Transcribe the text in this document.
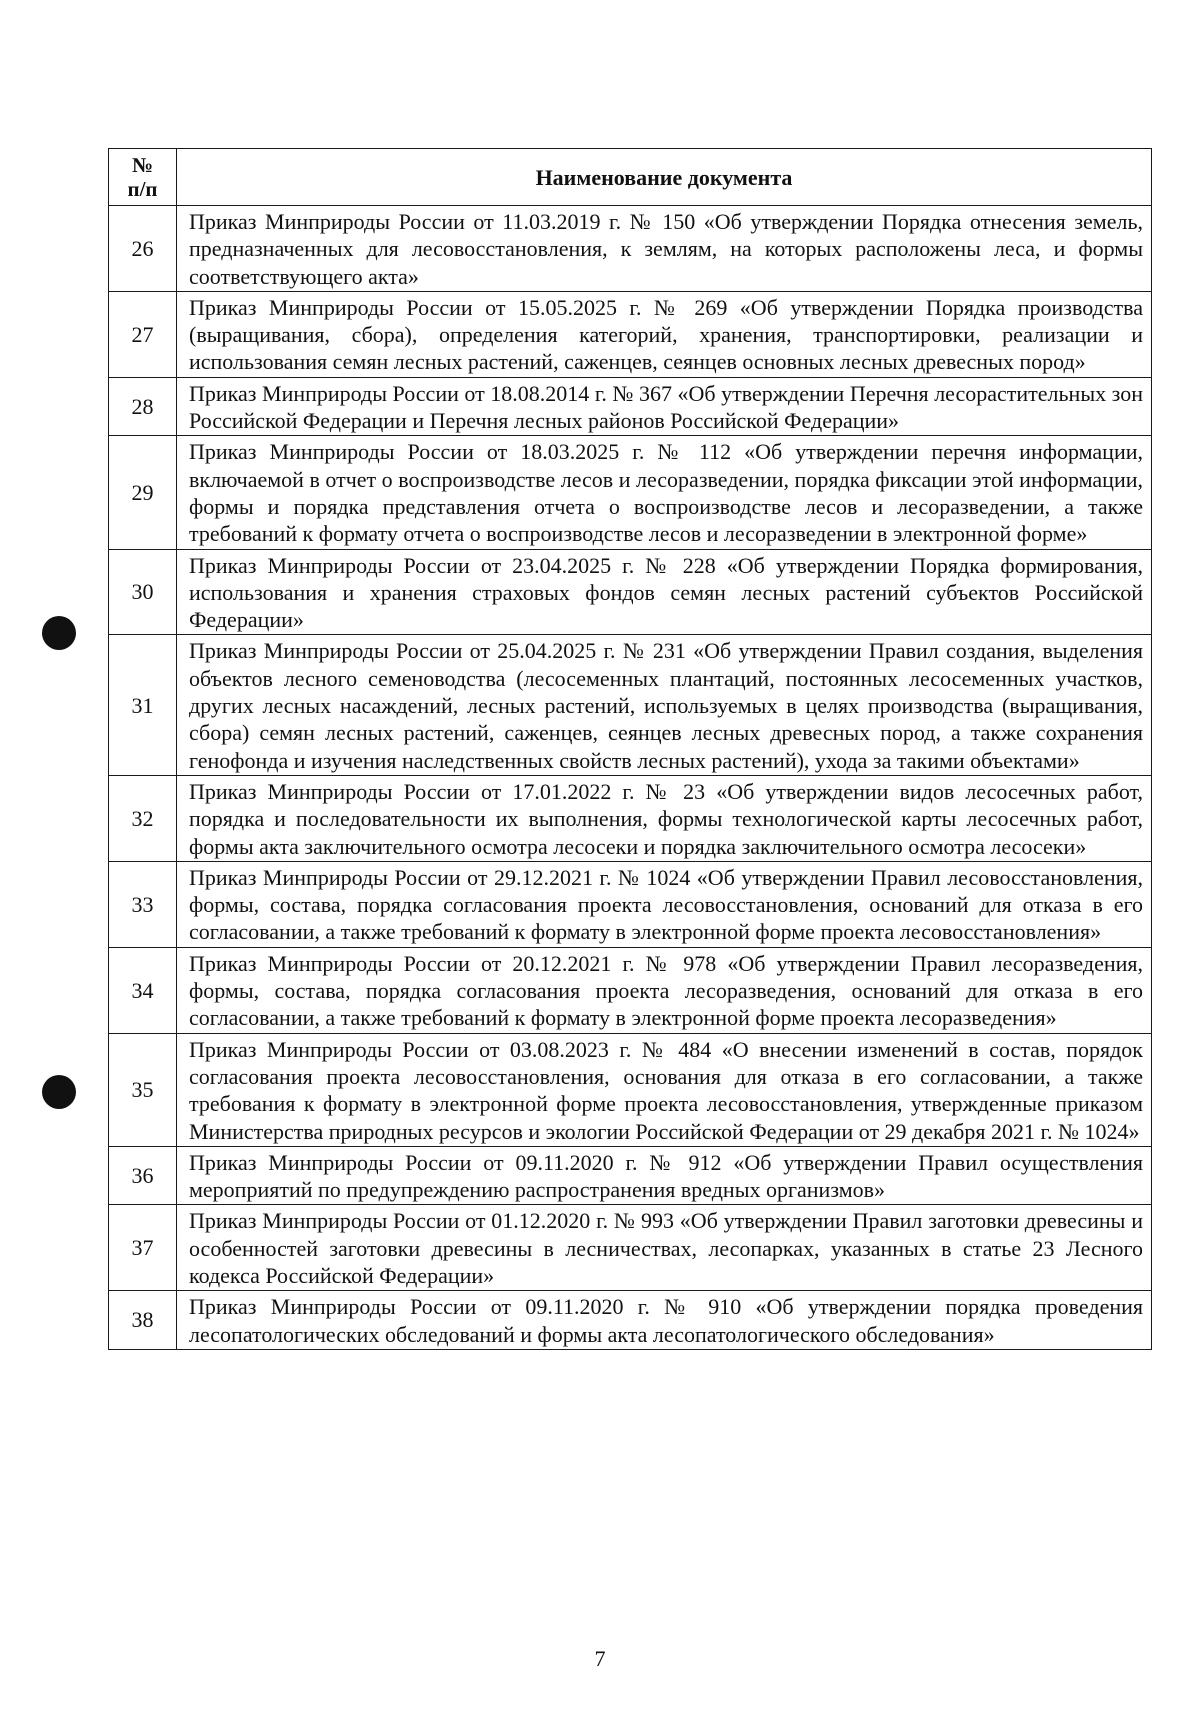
№
п/п	Наименование документа
26	Приказ Минприроды России от 11.03.2019 г. № 150 «Об утверждении Порядка отнесения земель, предназначенных для лесовосстановления, к землям, на которых расположены леса, и формы соответствующего акта»
27	Приказ Минприроды России от 15.05.2025 г. № 269 «Об утверждении Порядка производства (выращивания, сбора), определения категорий, хранения, транспортировки, реализации и использования семян лесных растений, саженцев, сеянцев основных лесных древесных пород»
28	Приказ Минприроды России от 18.08.2014 г. № 367 «Об утверждении Перечня лесорастительных зон Российской Федерации и Перечня лесных районов Российской Федерации»
29	Приказ Минприроды России от 18.03.2025 г. № 112 «Об утверждении перечня информации, включаемой в отчет о воспроизводстве лесов и лесоразведении, порядка фиксации этой информации, формы и порядка представления отчета о воспроизводстве лесов и лесоразведении, а также требований к формату отчета о воспроизводстве лесов и лесоразведении в электронной форме»
30	Приказ Минприроды России от 23.04.2025 г. № 228 «Об утверждении Порядка формирования, использования и хранения страховых фондов семян лесных растений субъектов Российской Федерации»
31	Приказ Минприроды России от 25.04.2025 г. № 231 «Об утверждении Правил создания, выделения объектов лесного семеноводства (лесосеменных плантаций, постоянных лесосеменных участков, других лесных насаждений, лесных растений, используемых в целях производства (выращивания, сбора) семян лесных растений, саженцев, сеянцев лесных древесных пород, а также сохранения генофонда и изучения наследственных свойств лесных растений), ухода за такими объектами»
32	Приказ Минприроды России от 17.01.2022 г. № 23 «Об утверждении видов лесосечных работ, порядка и последовательности их выполнения, формы технологической карты лесосечных работ, формы акта заключительного осмотра лесосеки и порядка заключительного осмотра лесосеки»
33	Приказ Минприроды России от 29.12.2021 г. № 1024 «Об утверждении Правил лесовосстановления, формы, состава, порядка согласования проекта лесовосстановления, оснований для отказа в его согласовании, а также требований к формату в электронной форме проекта лесовосстановления»
34	Приказ Минприроды России от 20.12.2021 г. № 978 «Об утверждении Правил лесоразведения, формы, состава, порядка согласования проекта лесоразведения, оснований для отказа в его согласовании, а также требований к формату в электронной форме проекта лесоразведения»
35	Приказ Минприроды России от 03.08.2023 г. № 484 «О внесении изменений в состав, порядок согласования проекта лесовосстановления, основания для отказа в его согласовании, а также требования к формату в электронной форме проекта лесовосстановления, утвержденные приказом Министерства природных ресурсов и экологии Российской Федерации от 29 декабря 2021 г. № 1024»
36	Приказ Минприроды России от 09.11.2020 г. № 912 «Об утверждении Правил осуществления мероприятий по предупреждению распространения вредных организмов»
37	Приказ Минприроды России от 01.12.2020 г. № 993 «Об утверждении Правил заготовки древесины и особенностей заготовки древесины в лесничествах, лесопарках, указанных в статье 23 Лесного кодекса Российской Федерации»
38	Приказ Минприроды России от 09.11.2020 г. № 910 «Об утверждении порядка проведения лесопатологических обследований и формы акта лесопатологического обследования»
7
